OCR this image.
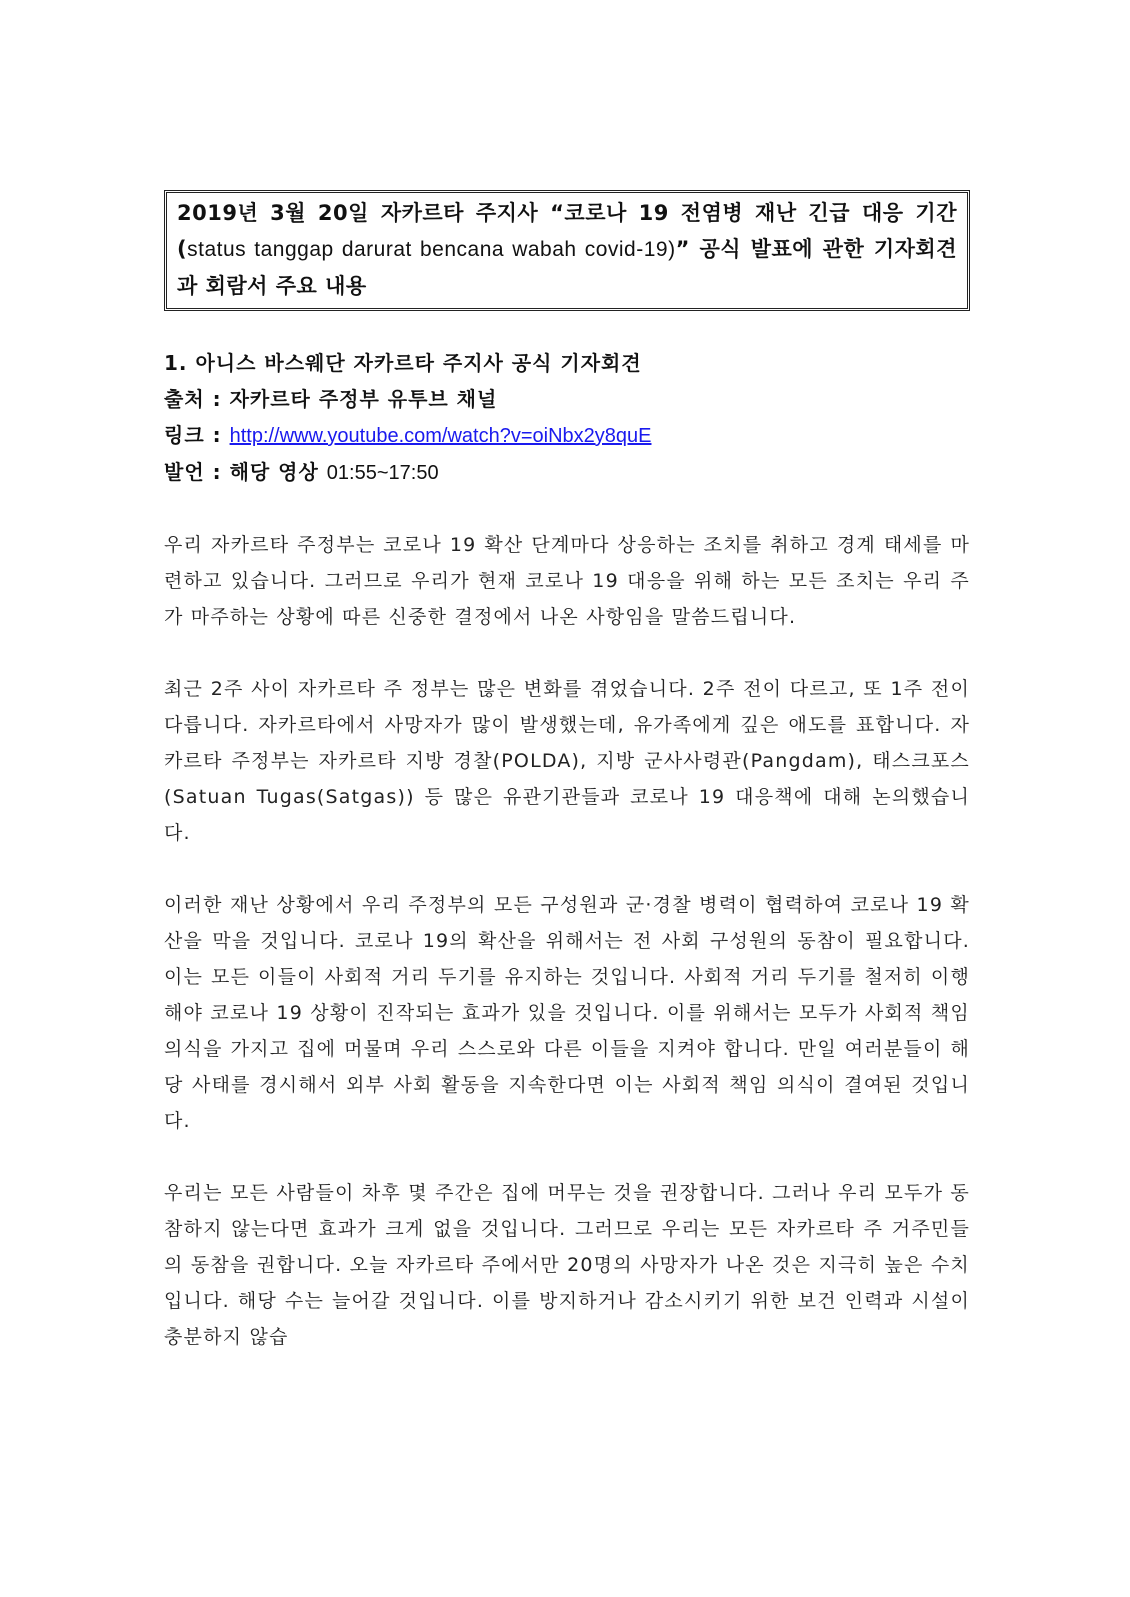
2019년 3월 20일 자카르타 주지사 “코로나 19 전염병 재난 긴급 대응 기간(status tanggap darurat bencana wabah covid-19)” 공식 발표에 관한 기자회견과 회람서 주요 내용
1. 아니스 바스웨단 자카르타 주지사 공식 기자회견
출처 : 자카르타 주정부 유투브 채널
링크 : http://www.youtube.com/watch?v=oiNbx2y8quE
발언 : 해당 영상 01:55~17:50

우리 자카르타 주정부는 코로나 19 확산 단계마다 상응하는 조치를 취하고 경계 태세를 마련하고 있습니다. 그러므로 우리가 현재 코로나 19 대응을 위해 하는 모든 조치는 우리 주가 마주하는 상황에 따른 신중한 결정에서 나온 사항임을 말씀드립니다.

최근 2주 사이 자카르타 주 정부는 많은 변화를 겪었습니다. 2주 전이 다르고, 또 1주 전이 다릅니다. 자카르타에서 사망자가 많이 발생했는데, 유가족에게 깊은 애도를 표합니다. 자카르타 주정부는 자카르타 지방 경찰(POLDA), 지방 군사사령관(Pangdam), 태스크포스(Satuan Tugas(Satgas)) 등 많은 유관기관들과 코로나 19 대응책에 대해 논의했습니다.

이러한 재난 상황에서 우리 주정부의 모든 구성원과 군·경찰 병력이 협력하여 코로나 19 확산을 막을 것입니다. 코로나 19의 확산을 위해서는 전 사회 구성원의 동참이 필요합니다. 이는 모든 이들이 사회적 거리 두기를 유지하는 것입니다. 사회적 거리 두기를 철저히 이행해야 코로나 19 상황이 진작되는 효과가 있을 것입니다. 이를 위해서는 모두가 사회적 책임의식을 가지고 집에 머물며 우리 스스로와 다른 이들을 지켜야 합니다. 만일 여러분들이 해당 사태를 경시해서 외부 사회 활동을 지속한다면 이는 사회적 책임 의식이 결여된 것입니다.

우리는 모든 사람들이 차후 몇 주간은 집에 머무는 것을 권장합니다. 그러나 우리 모두가 동참하지 않는다면 효과가 크게 없을 것입니다. 그러므로 우리는 모든 자카르타 주 거주민들의 동참을 권합니다. 오늘 자카르타 주에서만 20명의 사망자가 나온 것은 지극히 높은 수치입니다. 해당 수는 늘어갈 것입니다. 이를 방지하거나 감소시키기 위한 보건 인력과 시설이 충분하지 않습
